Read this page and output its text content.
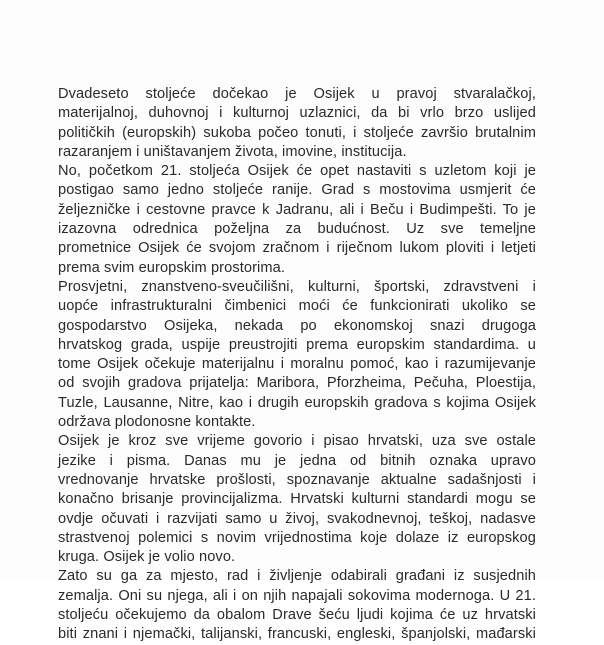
Dvadeseto stoljeće dočekao je Osijek u pravoj stvaralačkoj,
materijalnoj, duhovnoj i kulturnoj uzlaznici, da bi vrlo brzo uslijed
političkih (europskih) sukoba počeo tonuti, i stoljeće završio brutalnim
razaranjem i uništavanjem života, imovine, institucija.
No, početkom 21. stoljeća Osijek će opet nastaviti s uzletom koji je
postigao samo jedno stoljeće ranije. Grad s mostovima usmjerit će
željezničke i cestovne pravce k Jadranu, ali i Beču i Budimpešti. To je
izazovna odrednica poželjna za budućnost. Uz sve temeljne
prometnice Osijek će svojom zračnom i riječnom lukom ploviti i letjeti
prema svim europskim prostorima.
Prosvjetni, znanstveno-sveučilišni, kulturni, športski, zdravstveni i
uopće infrastrukturalni čimbenici moći će funkcionirati ukoliko se
gospodarstvo Osijeka, nekada po ekonomskoj snazi drugoga
hrvatskog grada, uspije preustrojiti prema europskim standardima. u
tome Osijek očekuje materijalnu i moralnu pomoć, kao i razumijevanje
od svojih gradova prijatelja: Maribora, Pforzheima, Pečuha, Ploestija,
Tuzle, Lausanne, Nitre, kao i drugih europskih gradova s kojima Osijek
održava plodonosne kontakte.
Osijek je kroz sve vrijeme govorio i pisao hrvatski, uza sve ostale
jezike i pisma. Danas mu je jedna od bitnih oznaka upravo
vrednovanje hrvatske prošlosti, spoznavanje aktualne sadašnjosti i
konačno brisanje provincijalizma. Hrvatski kulturni standardi mogu se
ovdje očuvati i razvijati samo u živoj, svakodnevnoj, teškoj, nadasve
strastvenoj polemici s novim vrijednostima koje dolaze iz europskog
kruga. Osijek je volio novo.
Zato su ga za mjesto, rad i življenje odabirali građani iz susjednih
zemalja. Oni su njega, ali i on njih napajali sokovima modernoga. U 21.
stoljeću očekujemo da obalom Drave šeću ljudi kojima će uz hrvatski
biti znani i njemački, talijanski, francuski, engleski, španjolski, mađarski
